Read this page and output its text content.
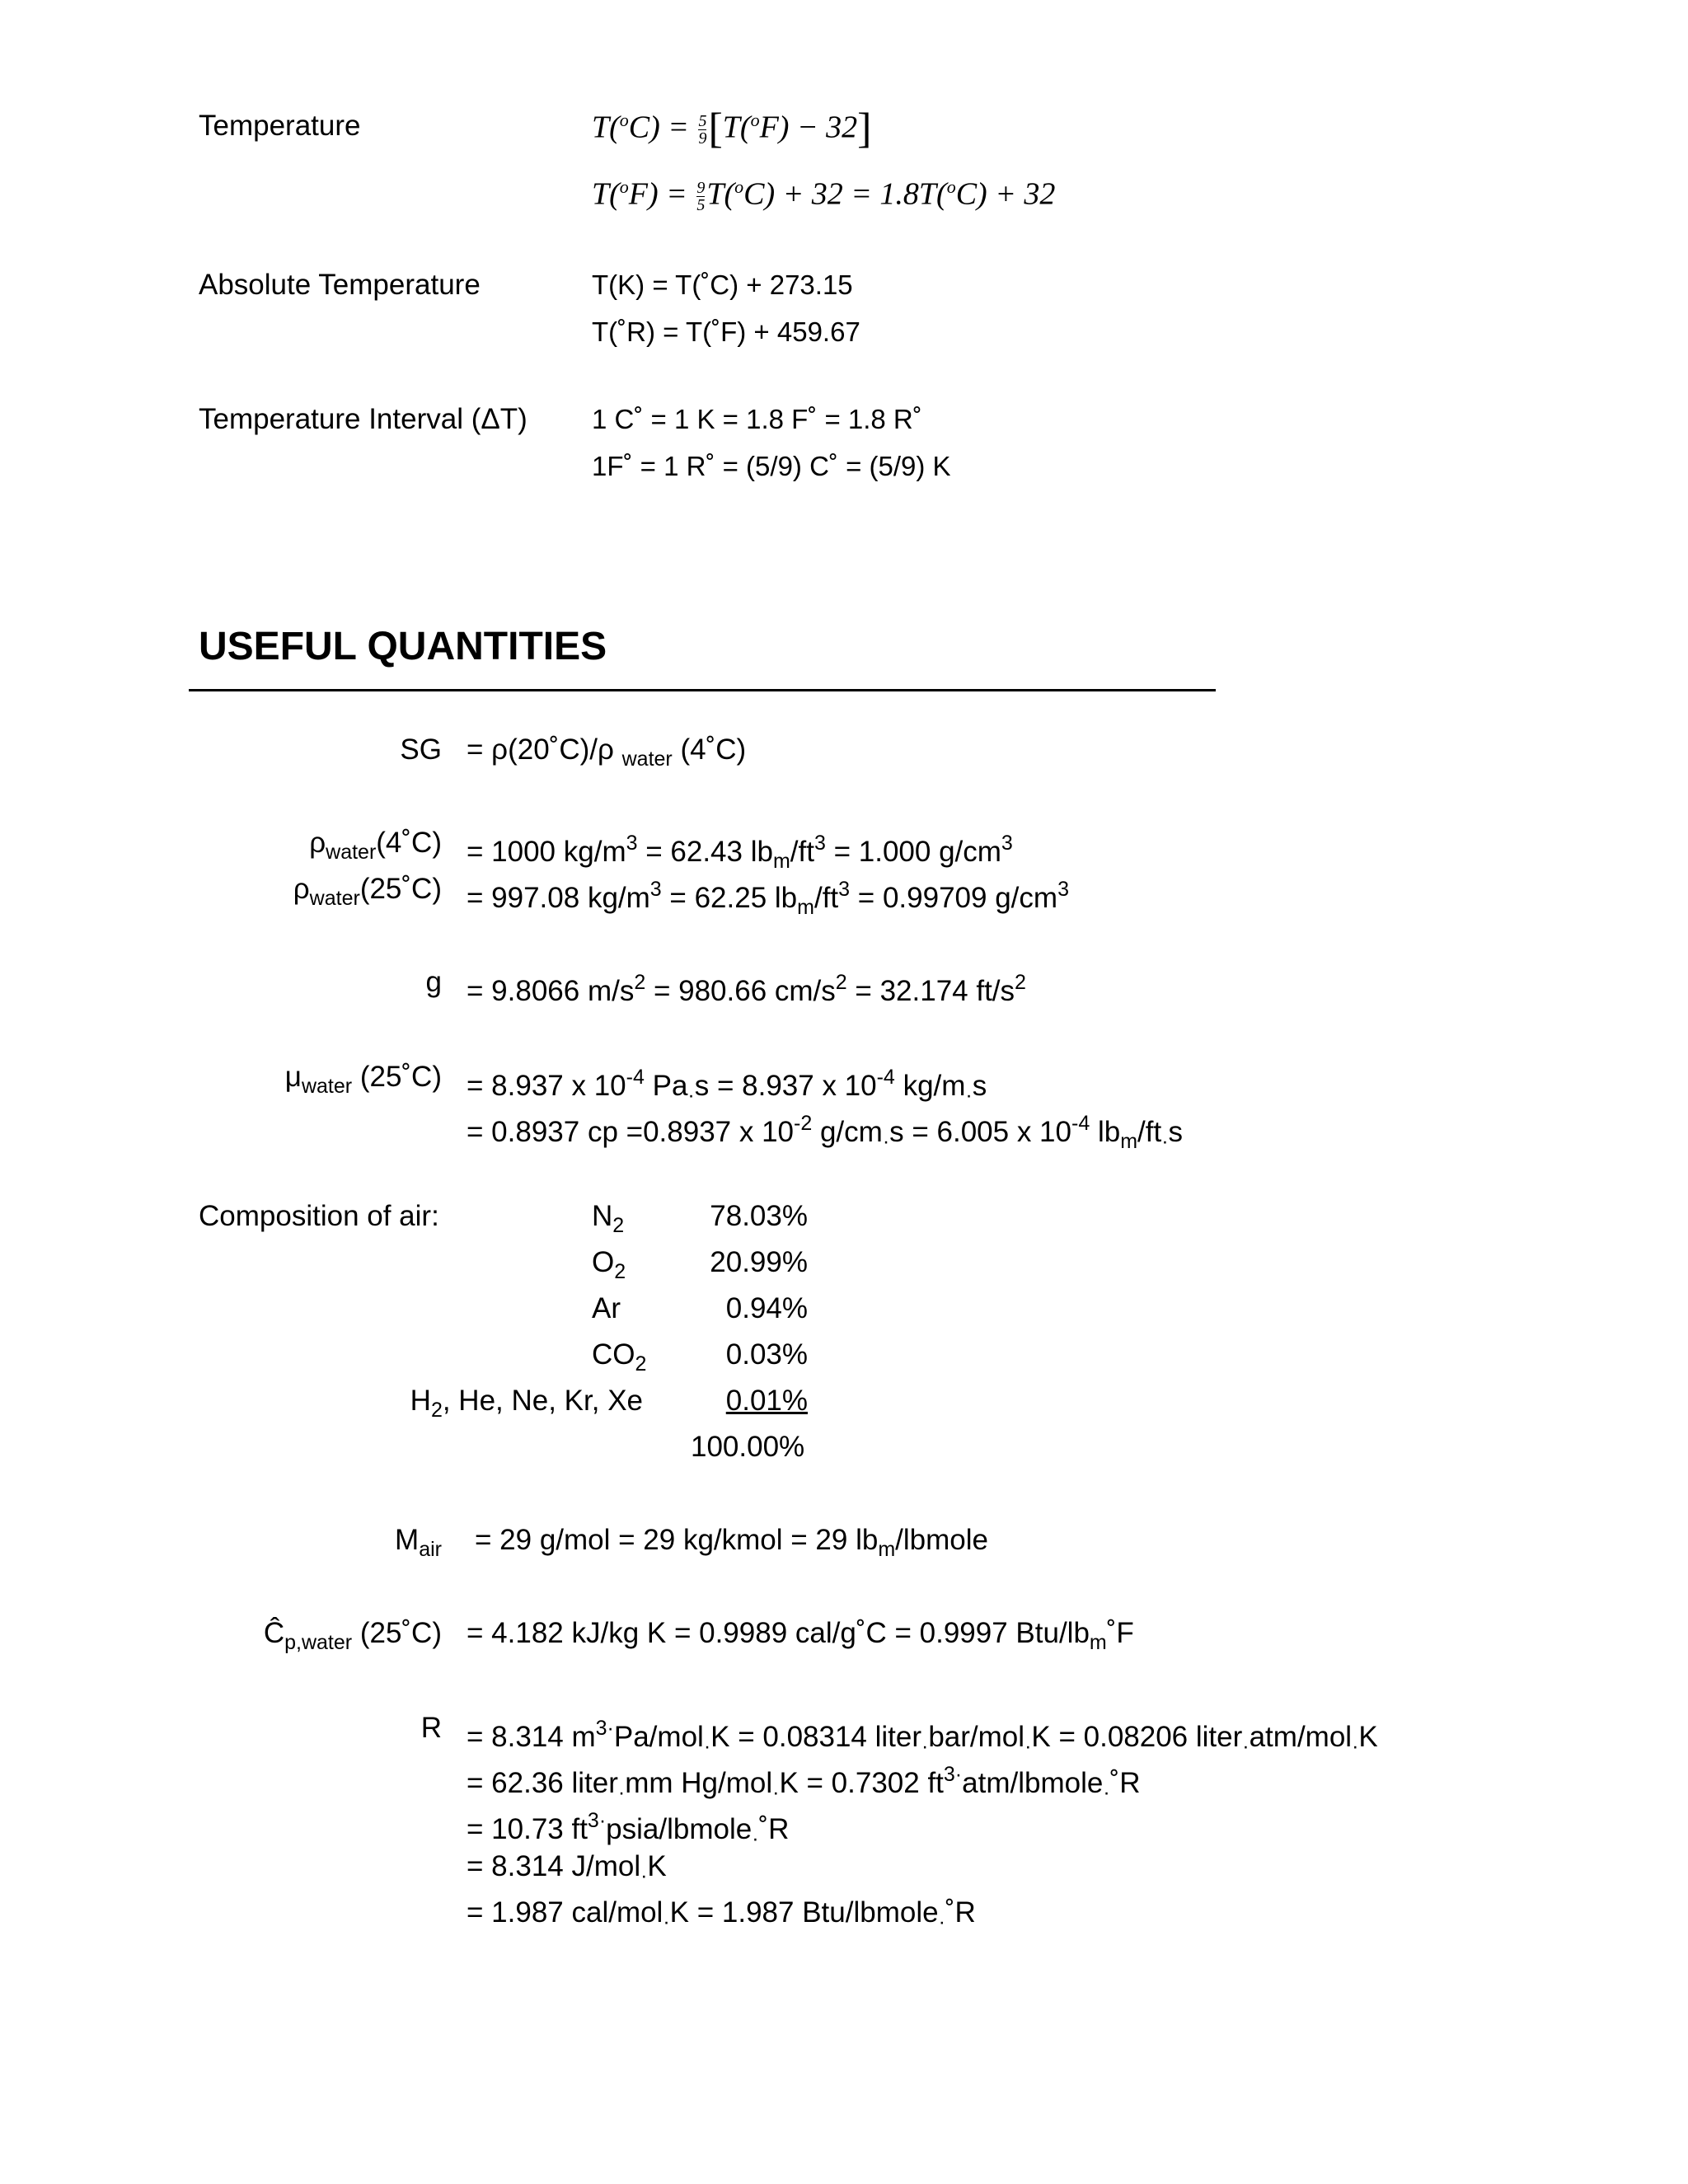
Temperature	$T(^oC) = \frac{5}{9} [T(^oF) - 32]$
$T(^oF) = \frac{9}{5} T(^oC) + 32 = 1.8T(^oC) + 32$
Absolute Temperature	T(K) = T(˚C) + 273.15
T(˚R) = T(˚F) + 459.67
Temperature Interval (ΔT) 1 C˚ = 1 K = 1.8 F˚ = 1.8 R˚
1F˚ = 1 R˚ = (5/9) C˚ = (5/9) K
USEFUL QUANTITIES
SG = ρ(20˚C)/ρ $_{water}$ (4˚C)
$\rho_{water}(4˚C) = 1000$ $kg/m^3 = 62.43$ $lb_m/ft^3 = 1.000$ $g/cm^3$
$\rho_{water}(25˚C) = 997.08$ $kg/m^3 = 62.25$ $lb_m/ft^3 = 0.99709$ $g/cm^3$
g = 9.8066 $m/s^2 = 980.66$ $cm/s^2 = 32.174$ $ft/s^2$
$\mu_{water}$ (25˚C) = 8.937 x $10^{-4}$ $Pa_\cdot s = 8.937$ x $10^{-4}$ $kg/m_\cdot s$
= 0.8937 cp =0.8937 x $10^{-2}$ $g/cm_\cdot s = 6.005$ x $10^{-4}$ $lb_m/ft_\cdot s$
Composition of air:	$N_2$	78.03%
$O_2$	20.99%
Ar	0.94%
$CO_2$	0.03%
$H_2$, He, Ne, Kr, Xe	0.01%
100.00%
$M_{air} = 29$ g/mol = 29 kg/kmol = 29 $lb_m$/lbmole
$Ĉ_{p,water}$ (25˚C) = 4.182 kJ/kg K = 0.9989 cal/g˚C = 0.9997 Btu/$lb_m˚F$
R = 8.314 $m^{3\cdot}Pa/mol_\cdot K = 0.08314$ liter$_\cdot$bar/mol$_\cdot$K = 0.08206 liter$_\cdot$atm/mol$_\cdot$K
= 62.36 liter$_\cdot$mm Hg/mol$_\cdot$K = 0.7302 $ft^{3\cdot}atm/lbmole_\cdot˚R$
= 10.73 $ft^{3\cdot}psia/lbmole_\cdot˚R$
= 8.314 J/mol$_\cdot$K
= 1.987 cal/mol$_\cdot$K = 1.987 Btu/lbmole$_\cdot$˚R
